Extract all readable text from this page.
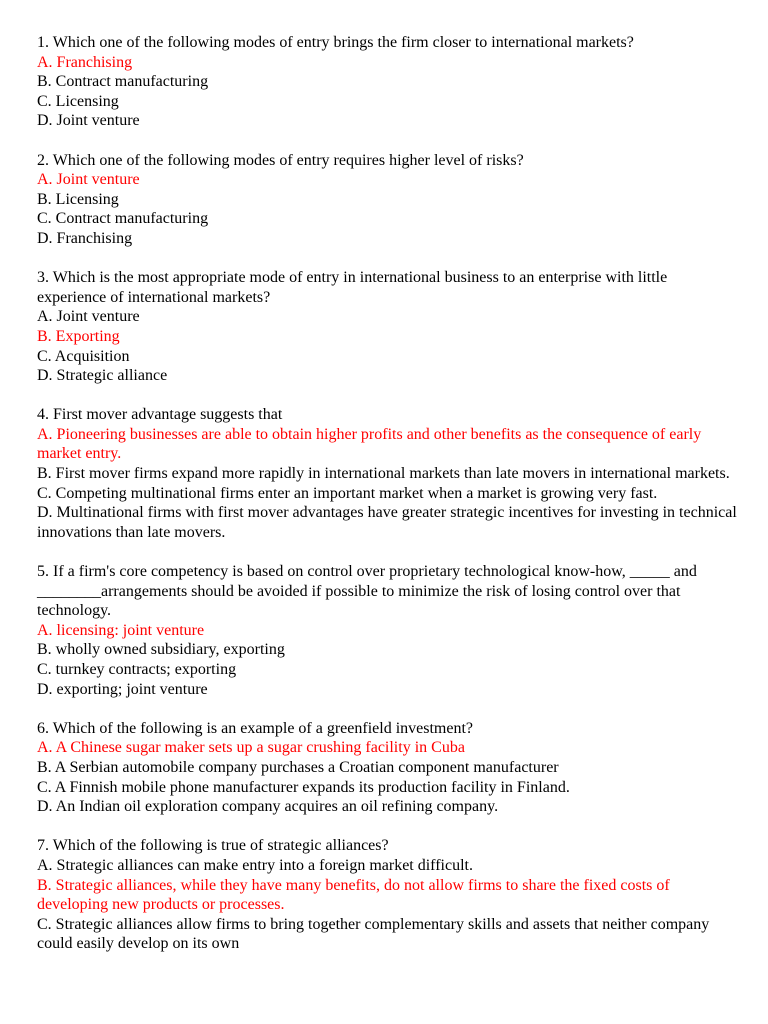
1. Which one of the following modes of entry brings the firm closer to international markets?
A. Franchising
B. Contract manufacturing
C. Licensing
D. Joint venture
2. Which one of the following modes of entry requires higher level of risks?
A. Joint venture
B. Licensing
C. Contract manufacturing
D. Franchising
3. Which is the most appropriate mode of entry in international business to an enterprise with little experience of international markets?
A. Joint venture
B. Exporting
C. Acquisition
D. Strategic alliance
4. First mover advantage suggests that
A. Pioneering businesses are able to obtain higher profits and other benefits as the consequence of early market entry.
B. First mover firms expand more rapidly in international markets than late movers in international markets.
C. Competing multinational firms enter an important market when a market is growing very fast.
D. Multinational firms with first mover advantages have greater strategic incentives for investing in technical innovations than late movers.
5. If a firm's core competency is based on control over proprietary technological know-how, _____ and ________arrangements should be avoided if possible to minimize the risk of losing control over that technology.
A. licensing: joint venture
B. wholly owned subsidiary, exporting
C. turnkey contracts; exporting
D. exporting; joint venture
6. Which of the following is an example of a greenfield investment?
A. A Chinese sugar maker sets up a sugar crushing facility in Cuba
B. A Serbian automobile company purchases a Croatian component manufacturer
C. A Finnish mobile phone manufacturer expands its production facility in Finland.
D. An Indian oil exploration company acquires an oil refining company.
7. Which of the following is true of strategic alliances?
A. Strategic alliances can make entry into a foreign market difficult.
B. Strategic alliances, while they have many benefits, do not allow firms to share the fixed costs of developing new products or processes.
C. Strategic alliances allow firms to bring together complementary skills and assets that neither company could easily develop on its own
